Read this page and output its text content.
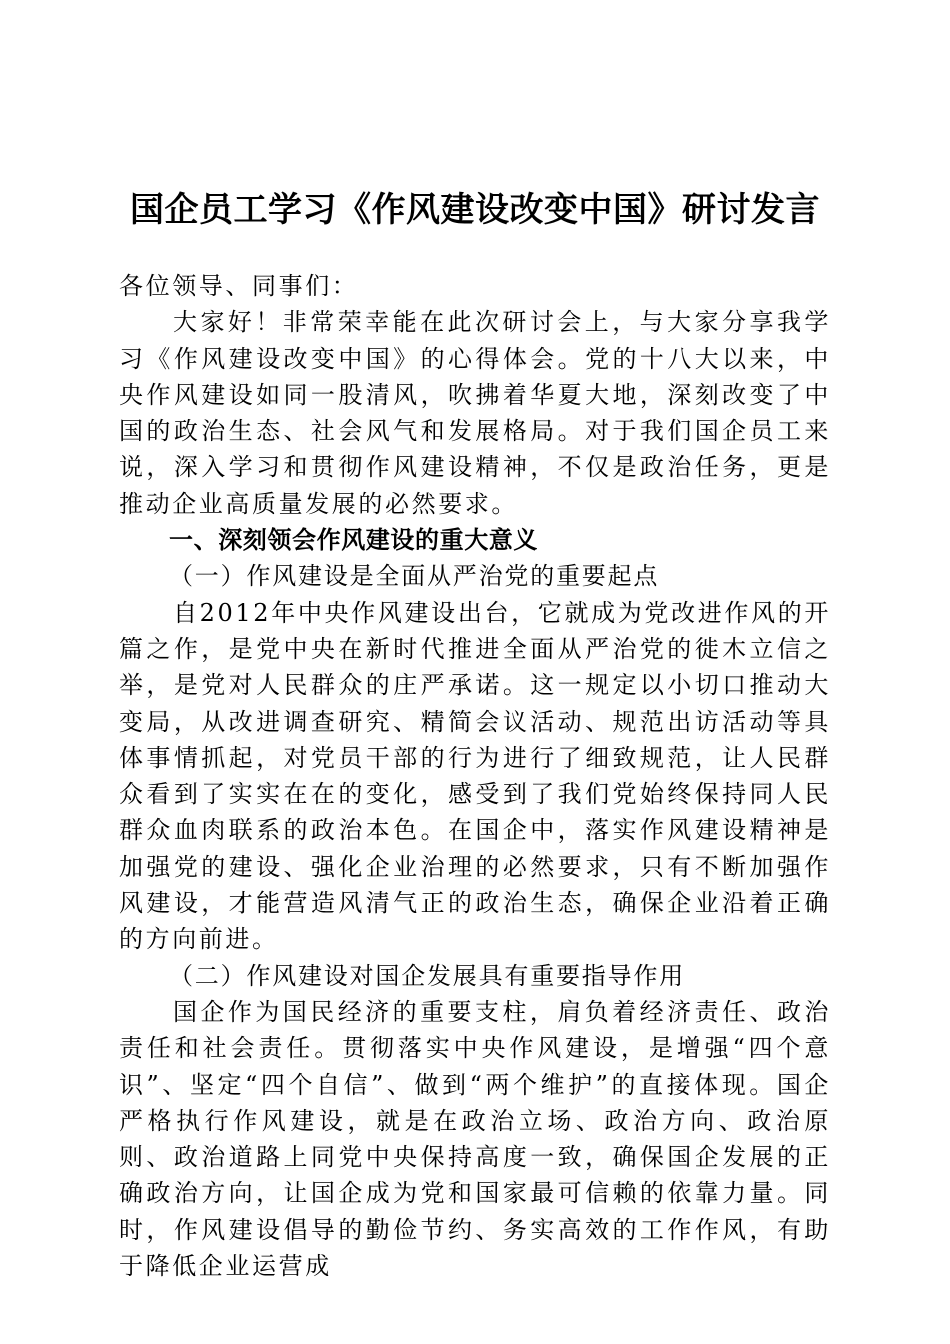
国企员工学习《作风建设改变中国》研讨发言

各位领导、同事们：

大家好！非常荣幸能在此次研讨会上，与大家分享我学习《作风建设改变中国》的心得体会。党的十八大以来，中央作风建设如同一股清风，吹拂着华夏大地，深刻改变了中国的政治生态、社会风气和发展格局。对于我们国企员工来说，深入学习和贯彻作风建设精神，不仅是政治任务，更是推动企业高质量发展的必然要求。

一、深刻领会作风建设的重大意义

（一）作风建设是全面从严治党的重要起点

自2012年中央作风建设出台，它就成为党改进作风的开篇之作，是党中央在新时代推进全面从严治党的徙木立信之举，是党对人民群众的庄严承诺。这一规定以小切口推动大变局，从改进调查研究、精简会议活动、规范出访活动等具体事情抓起，对党员干部的行为进行了细致规范，让人民群众看到了实实在在的变化，感受到了我们党始终保持同人民群众血肉联系的政治本色。在国企中，落实作风建设精神是加强党的建设、强化企业治理的必然要求，只有不断加强作风建设，才能营造风清气正的政治生态，确保企业沿着正确的方向前进。

（二）作风建设对国企发展具有重要指导作用

国企作为国民经济的重要支柱，肩负着经济责任、政治责任和社会责任。贯彻落实中央作风建设，是增强“四个意识”、坚定“四个自信”、做到“两个维护”的直接体现。国企严格执行作风建设，就是在政治立场、政治方向、政治原则、政治道路上同党中央保持高度一致，确保国企发展的正确政治方向，让国企成为党和国家最可信赖的依靠力量。同时，作风建设倡导的勤俭节约、务实高效的工作作风，有助于降低企业运营成
